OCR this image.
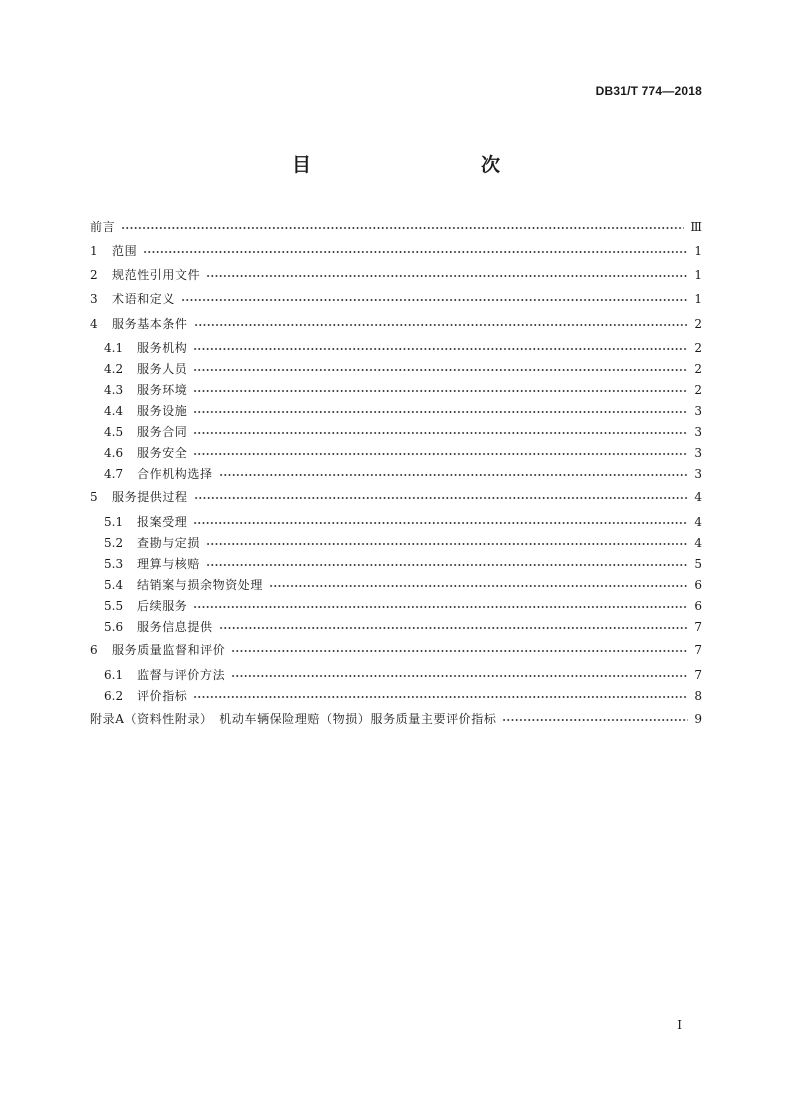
DB31/T 774—2018
目　　次
前言	Ⅲ
1	范围	1
2	规范性引用文件	1
3	术语和定义	1
4	服务基本条件	2
4.1	服务机构	2
4.2	服务人员	2
4.3	服务环境	2
4.4	服务设施	3
4.5	服务合同	3
4.6	服务安全	3
4.7	合作机构选择	3
5	服务提供过程	4
5.1	报案受理	4
5.2	查勘与定损	4
5.3	理算与核赔	5
5.4	结销案与损余物资处理	6
5.5	后续服务	6
5.6	服务信息提供	7
6	服务质量监督和评价	7
6.1	监督与评价方法	7
6.2	评价指标	8
附录A（资料性附录）　机动车辆保险理赔（物损）服务质量主要评价指标	9
I
